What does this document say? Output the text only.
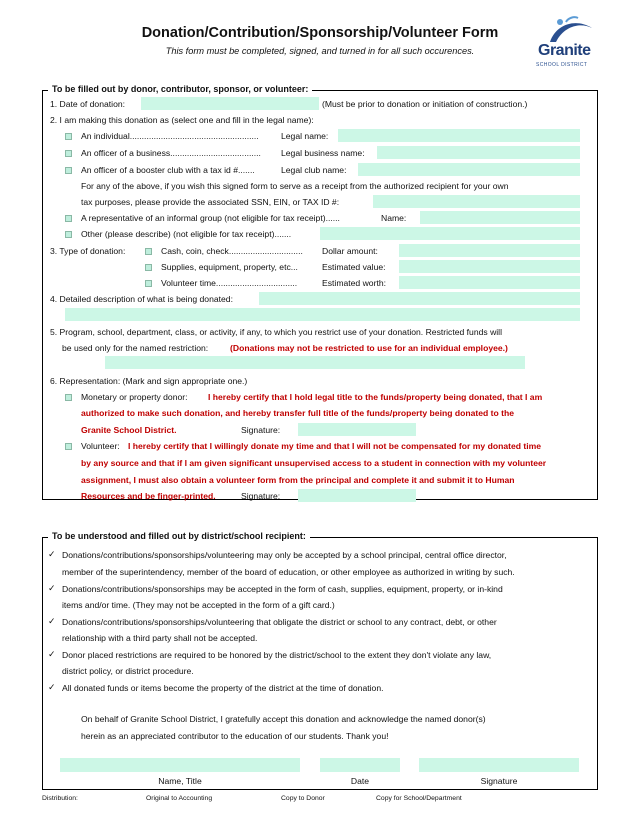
Donation/Contribution/Sponsorship/Volunteer Form
This form must be completed, signed, and turned in for all such occurences.	Granite
SCHOOL DISTRICT
To be filled out by donor, contributor, sponsor, or volunteer:
1. Date of donation:	(Must be prior to donation or initiation of construction.)
2. I am making this donation as (select one and fill in the legal name):
An individual......................................................	Legal name:
An officer of a business...................................... Legal business name:
An officer of a booster club with a tax id #.......	Legal club name:
For any of the above, if you wish this signed form to serve as a receipt from the authorized recipient for your own
tax purposes, please provide the associated SSN, EIN, or TAX ID #:
A representative of an informal group (not eligible for tax receipt)......	Name:
Other (please describe) (not eligible for tax receipt).......
3. Type of donation:	Cash, coin, check............................... Dollar amount:
Supplies, equipment, property, etc...	Estimated value:
Volunteer time..................................	Estimated worth:
4. Detailed description of what is being donated:
5. Program, school, department, class, or activity, if any, to which you restrict use of your donation. Restricted funds will
be used only for the named restriction:	(Donations may not be restricted to use for an individual employee.)
6. Representation: (Mark and sign appropriate one.)
Monetary or property donor: I hereby certify that I hold legal title to the funds/property being donated, that I am
authorized to make such donation, and hereby transfer full title of the funds/property being donated to the
Granite School District.	Signature:
Volunteer: I hereby certify that I willingly donate my time and that I will not be compensated for my donated time
by any source and that if I am given significant unsupervised access to a student in connection with my volunteer
assignment, I must also obtain a volunteer form from the principal and complete it and submit it to Human
Resources and be finger-printed.	Signature:
To be understood and filled out by district/school recipient:
✓ Donations/contributions/sponsorships/volunteering may only be accepted by a school principal, central office director,
member of the superintendency, member of the board of education, or other employee as authorized in writing by such.
✓ Donations/contributions/sponsorships may be accepted in the form of cash, supplies, equipment, property, or in-kind
items and/or time. (They may not be accepted in the form of a gift card.)
✓ Donations/contributions/sponsorships/volunteering that obligate the district or school to any contract, debt, or other
relationship with a third party shall not be accepted.
✓ Donor placed restrictions are required to be honored by the district/school to the extent they don't violate any law,
district policy, or district procedure.
✓ All donated funds or items become the property of the district at the time of donation.
On behalf of Granite School District, I gratefully accept this donation and acknowledge the named donor(s)
herein as an appreciated contributor to the education of our students. Thank you!
Name, Title	Date	Signature
Distribution:	Original to Accounting	Copy to Donor	Copy for School/Department
